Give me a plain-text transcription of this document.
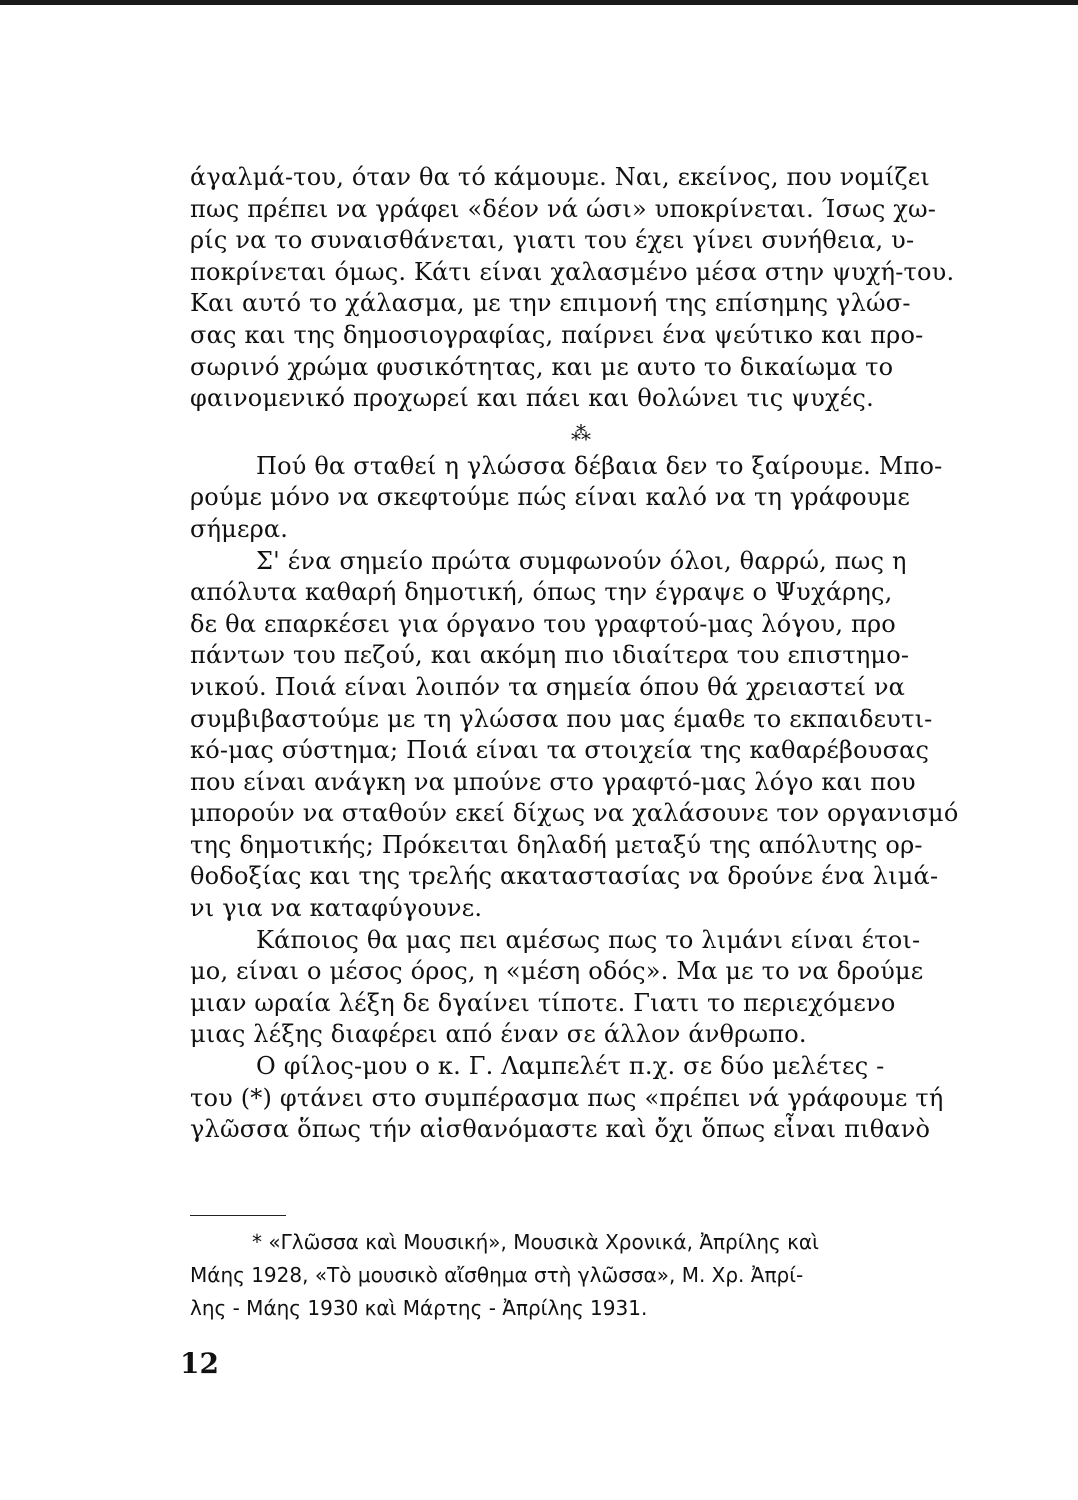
άγαλμά-του, όταν θα τό κάμουμε. Ναι, εκείνος, που νομίζει
πως πρέπει να γράφει «δέον νά ώσι» υποκρίνεται. Ίσως χω-
ρίς να το συναισθάνεται, γιατι του έχει γίνει συνήθεια, υ-
ποκρίνεται όμως. Κάτι είναι χαλασμένο μέσα στην ψυχή-του.
Και αυτό το χάλασμα, με την επιμονή της επίσημης γλώσ-
σας και της δημοσιογραφίας, παίρνει ένα ψεύτικο και προ-
σωρινό χρώμα φυσικότητας, και με αυτο το δικαίωμα το
φαινομενικό προχωρεί και πάει και θολώνει τις ψυχές.
⁂
Πού θα σταθεί η γλώσσα δέβαια δεν το ξαίρουμε. Μπο-
ρούμε μόνο να σκεφτούμε πώς είναι καλό να τη γράφουμε
σήμερα.
Σ' ένα σημείο πρώτα συμφωνούν όλοι, θαρρώ, πως η
απόλυτα καθαρή δημοτική, όπως την έγραψε ο Ψυχάρης,
δε θα επαρκέσει για όργανο του γραφτού-μας λόγου, προ
πάντων του πεζού, και ακόμη πιο ιδιαίτερα του επιστημο-
νικού. Ποιά είναι λοιπόν τα σημεία όπου θά χρειαστεί να
συμβιβαστούμε με τη γλώσσα που μας έμαθε το εκπαιδευτι-
κό-μας σύστημα; Ποιά είναι τα στοιχεία της καθαρέβουσας
που είναι ανάγκη να μπούνε στο γραφτό-μας λόγο και που
μπορούν να σταθούν εκεί δίχως να χαλάσουνε τον οργανισμό
της δημοτικής; Πρόκειται δηλαδή μεταξύ της απόλυτης ορ-
θοδοξίας και της τρελής ακαταστασίας να δρούνε ένα λιμά-
νι για να καταφύγουνε.
Κάποιος θα μας πει αμέσως πως το λιμάνι είναι έτοι-
μο, είναι ο μέσος όρος, η «μέση οδός». Μα με το να δρούμε
μιαν ωραία λέξη δε δγαίνει τίποτε. Γιατι το περιεχόμενο
μιας λέξης διαφέρει από έναν σε άλλον άνθρωπο.
Ο φίλος-μου ο κ. Γ. Λαμπελέτ π.χ. σε δύο μελέτες -
του (*) φτάνει στο συμπέρασμα πως «πρέπει νά γράφουμε τή
γλῶσσα ὅπως τήν αἰσθανόμαστε καὶ ὄχι ὅπως εἶναι πιθανὸ
* «Γλῶσσα καὶ Μουσική», Μουσικὰ Χρονικά, Ἀπρίλης καὶ
Μάης 1928, «Τὸ μουσικὸ αἴσθημα στὴ γλῶσσα», Μ. Χρ. Ἀπρί-
λης - Μάης 1930 καὶ Μάρτης - Ἀπρίλης 1931.
12
